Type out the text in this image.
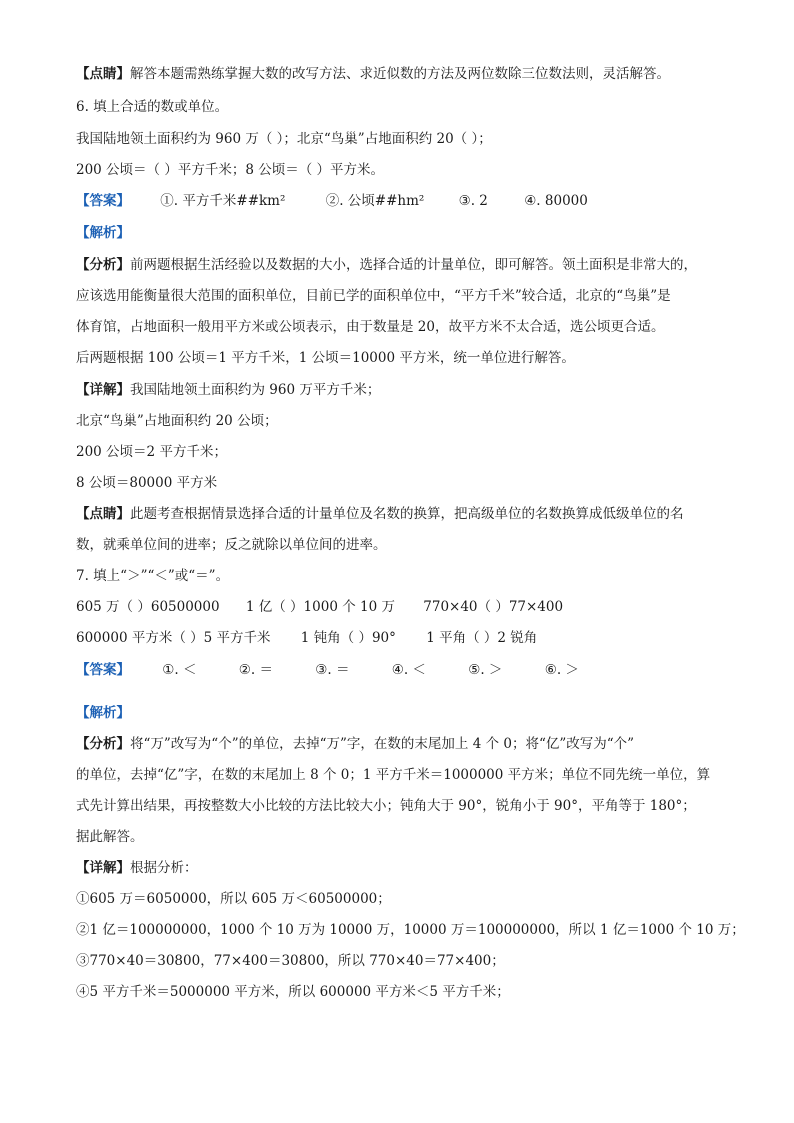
【点睛】解答本题需熟练掌握大数的改写方法、求近似数的方法及两位数除三位数法则，灵活解答。
6. 填上合适的数或单位。
我国陆地领土面积约为 960 万（ ）；北京“鸟巢”占地面积约 20（ ）；
200 公顷＝（ ）平方千米；8 公顷＝（ ）平方米。
【答案】 ①. 平方千米##km²	②. 公顷##hm²	③. 2	④. 80000
【解析】
【分析】前两题根据生活经验以及数据的大小，选择合适的计量单位，即可解答。领土面积是非常大的，
应该选用能衡量很大范围的面积单位，目前已学的面积单位中，“平方千米”较合适，北京的“鸟巢”是
体育馆，占地面积一般用平方米或公顷表示，由于数量是 20，故平方米不太合适，选公顷更合适。
后两题根据 100 公顷＝1 平方千米，1 公顷＝10000 平方米，统一单位进行解答。
【详解】我国陆地领土面积约为 960 万平方千米；
北京“鸟巢”占地面积约 20 公顷；
200 公顷＝2 平方千米；
8 公顷＝80000 平方米
【点睛】此题考查根据情景选择合适的计量单位及名数的换算，把高级单位的名数换算成低级单位的名
数，就乘单位间的进率；反之就除以单位间的进率。
7. 填上“＞”“＜”或“＝”。
605 万（ ）60500000 1 亿（ ）1000 个 10 万 770×40（ ）77×400
600000 平方米（ ）5 平方千米 1 钝角（ ）90° 1 平角（ ）2 锐角
【答案】 ①. ＜	②. ＝	③. ＝	④. ＜	⑤. ＞	⑥. ＞
【解析】
【分析】将“万”改写为“个”的单位，去掉“万”字，在数的末尾加上 4 个 0；将“亿”改写为“个”
的单位，去掉“亿”字，在数的末尾加上 8 个 0；1 平方千米＝1000000 平方米；单位不同先统一单位，算
式先计算出结果，再按整数大小比较的方法比较大小；钝角大于 90°，锐角小于 90°，平角等于 180°；
据此解答。
【详解】根据分析：
①605 万＝6050000，所以 605 万＜60500000；
②1 亿＝100000000，1000 个 10 万为 10000 万，10000 万＝100000000，所以 1 亿＝1000 个 10 万；
③770×40＝30800，77×400＝30800，所以 770×40＝77×400；
④5 平方千米＝5000000 平方米，所以 600000 平方米＜5 平方千米；
